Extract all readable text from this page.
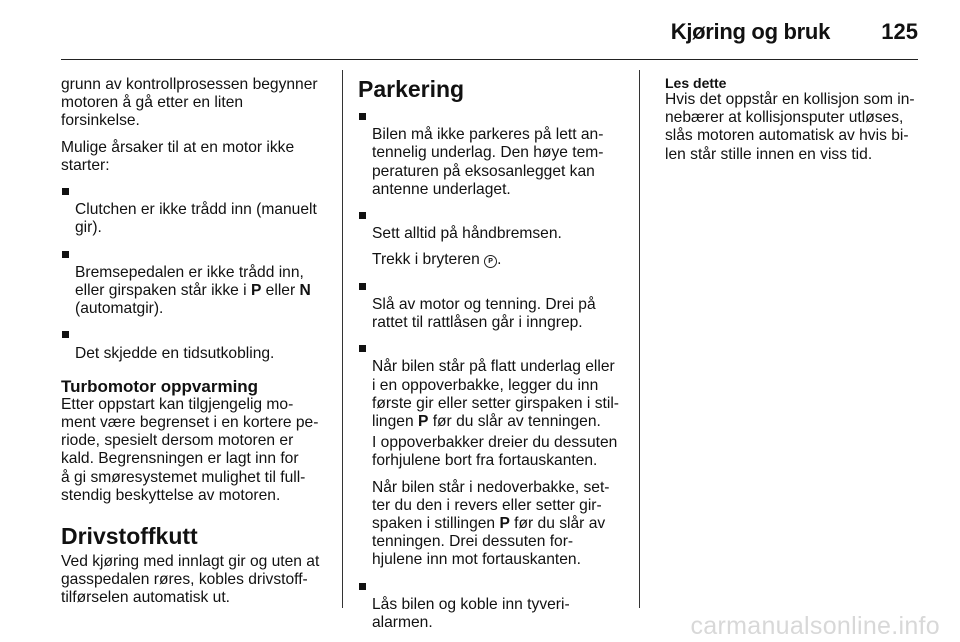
Kjøring og bruk 125

grunn av kontrollprosessen begynner
motoren å gå etter en liten
forsinkelse.

Mulige årsaker til at en motor ikke
starter:

Clutchen er ikke trådd inn (manuelt
gir).

Bremsepedalen er ikke trådd inn,
eller girspaken står ikke i P eller N
(automatgir).

Det skjedde en tidsutkobling.

Turbomotor oppvarming

Etter oppstart kan tilgjengelig mo-
ment være begrenset i en kortere pe-
riode, spesielt dersom motoren er
kald. Begrensningen er lagt inn for
å gi smøresystemet mulighet til full-
stendig beskyttelse av motoren.

Drivstoffkutt

Ved kjøring med innlagt gir og uten at
gasspedalen røres, kobles drivstoff-
tilførselen automatisk ut.

Parkering

Bilen må ikke parkeres på lett an-
tennelig underlag. Den høye tem-
peraturen på eksosanlegget kan
antenne underlaget.

Sett alltid på håndbremsen.

Trekk i bryteren P .

Slå av motor og tenning. Drei på
rattet til rattlåsen går i inngrep.

Når bilen står på flatt underlag eller
i en oppoverbakke, legger du inn
første gir eller setter girspaken i stil-
lingen P før du slår av tenningen.

I oppoverbakker dreier du dessuten
forhjulene bort fra fortauskanten.
Når bilen står i nedoverbakke, set-
ter du den i revers eller setter gir-
spaken i stillingen P før du slår av
tenningen. Drei dessuten for-
hjulene inn mot fortauskanten.

Lås bilen og koble inn tyveri-
alarmen.

Les dette

Hvis det oppstår en kollisjon som in-
nebærer at kollisjonsputer utløses,
slås motoren automatisk av hvis bi-
len står stille innen en viss tid.

carmanualsonline.info
